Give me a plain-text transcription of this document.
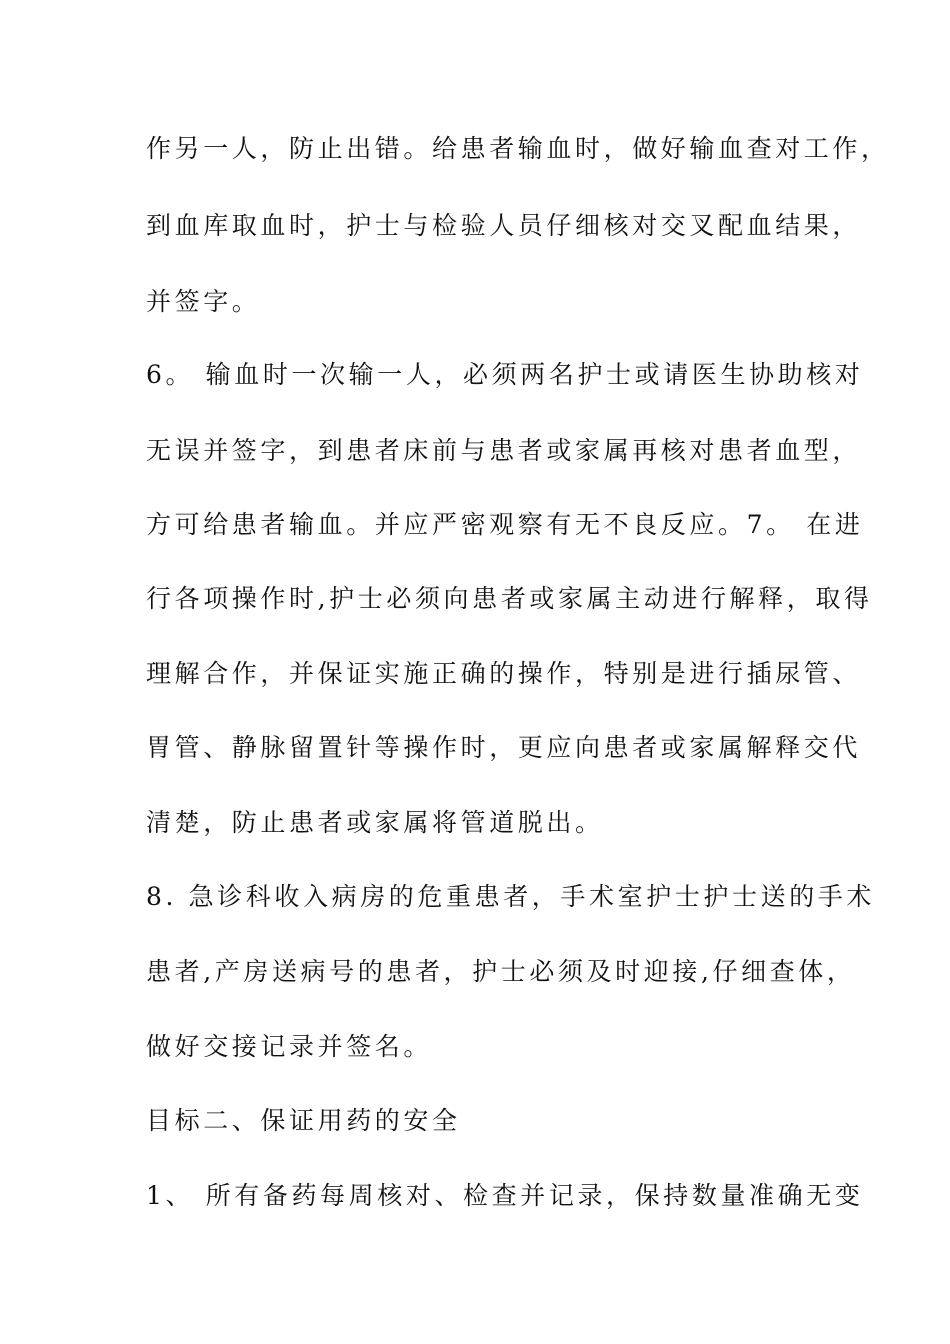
作另一人，防止出错。给患者输血时，做好输血查对工作，
到血库取血时，护士与检验人员仔细核对交叉配血结果，
并签字。
6。 输血时一次输一人，必须两名护士或请医生协助核对
无误并签字，到患者床前与患者或家属再核对患者血型，
方可给患者输血。并应严密观察有无不良反应。7。 在进
行各项操作时,护士必须向患者或家属主动进行解释，取得
理解合作，并保证实施正确的操作，特别是进行插尿管、
胃管、静脉留置针等操作时，更应向患者或家属解释交代
清楚，防止患者或家属将管道脱出。
8. 急诊科收入病房的危重患者，手术室护士护士送的手术
患者,产房送病号的患者，护士必须及时迎接,仔细查体，
做好交接记录并签名。
目标二、保证用药的安全
1、 所有备药每周核对、检查并记录，保持数量准确无变
